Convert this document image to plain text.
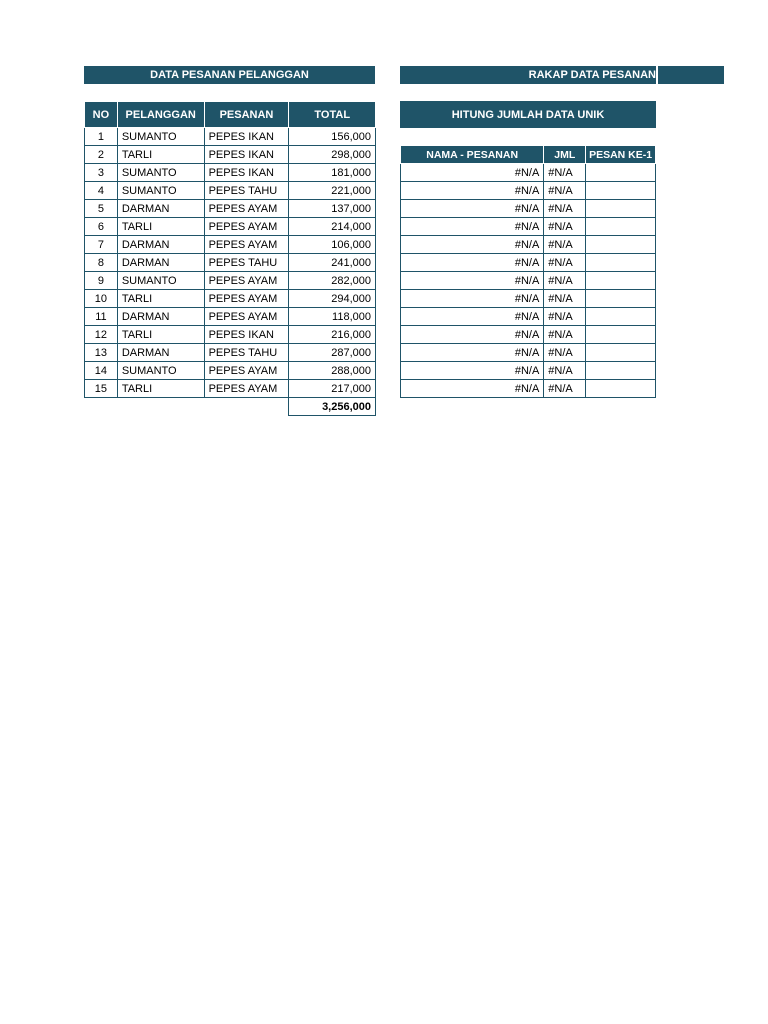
DATA PESANAN PELANGGAN	RAKAP DATA PESANAN
NO	PELANGGAN	PESANAN	TOTAL
1	SUMANTO	PEPES IKAN	156,000
2	TARLI	PEPES IKAN	298,000
3	SUMANTO	PEPES IKAN	181,000
4	SUMANTO	PEPES TAHU	221,000
5	DARMAN	PEPES AYAM	137,000
6	TARLI	PEPES AYAM	214,000
7	DARMAN	PEPES AYAM	106,000
8	DARMAN	PEPES TAHU	241,000
9	SUMANTO	PEPES AYAM	282,000
10	TARLI	PEPES AYAM	294,000
11	DARMAN	PEPES AYAM	118,000
12	TARLI	PEPES IKAN	216,000
13	DARMAN	PEPES TAHU	287,000
14	SUMANTO	PEPES AYAM	288,000
15	TARLI	PEPES AYAM	217,000
			3,256,000
HITUNG JUMLAH DATA UNIK
NAMA - PESANAN	JML	PESAN KE-1
#N/A	#N/A	
#N/A	#N/A	
#N/A	#N/A	
#N/A	#N/A	
#N/A	#N/A	
#N/A	#N/A	
#N/A	#N/A	
#N/A	#N/A	
#N/A	#N/A	
#N/A	#N/A	
#N/A	#N/A	
#N/A	#N/A	
#N/A	#N/A	
